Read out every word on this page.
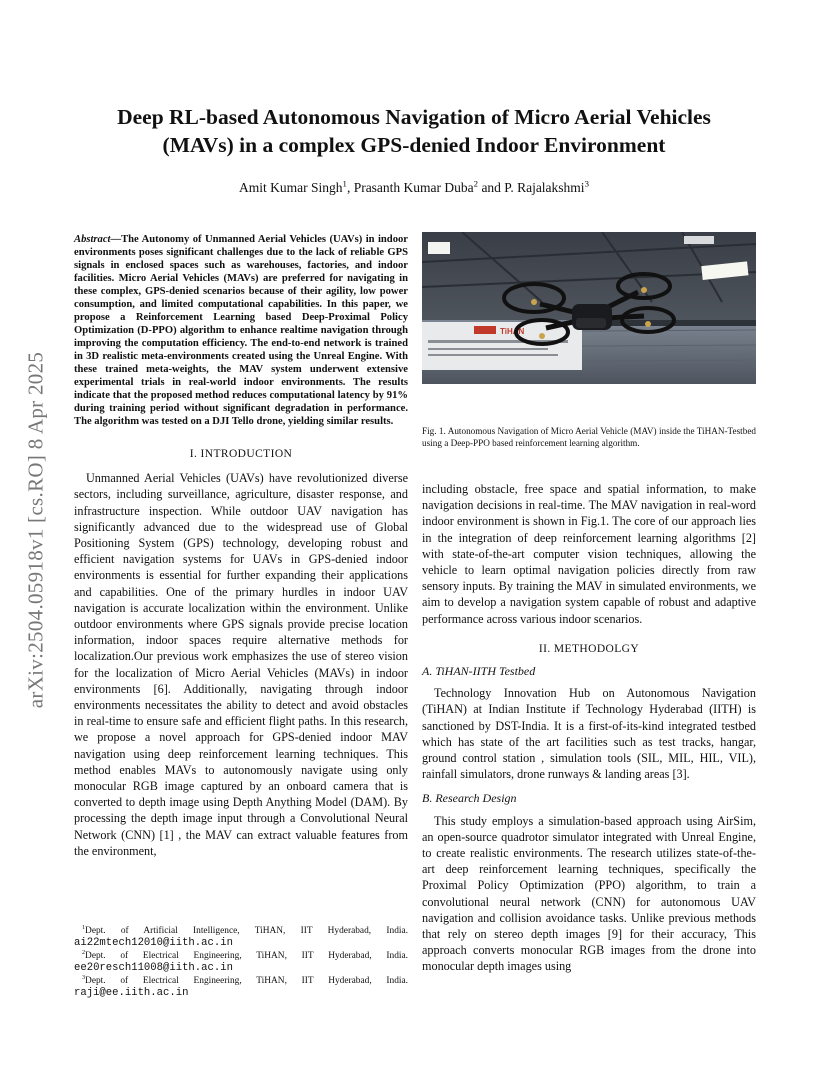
arXiv:2504.05918v1 [cs.RO] 8 Apr 2025
Deep RL-based Autonomous Navigation of Micro Aerial Vehicles
(MAVs) in a complex GPS-denied Indoor Environment
Amit Kumar Singh$^1$, Prasanth Kumar Duba$^2$ and P. Rajalakshmi$^3$

Abstract—The Autonomy of Unmanned Aerial Vehicles (UAVs) in indoor environments poses significant challenges due to the lack of reliable GPS signals in enclosed spaces such as warehouses, factories, and indoor facilities. Micro Aerial Vehicles (MAVs) are preferred for navigating in these complex, GPS-denied scenarios because of their agility, low power consumption, and limited computational capabilities. In this paper, we propose a Reinforcement Learning based Deep-Proximal Policy Optimization (D-PPO) algorithm to enhance realtime navigation through improving the computation efficiency. The end-to-end network is trained in 3D realistic meta-environments created using the Unreal Engine. With these trained meta-weights, the MAV system underwent extensive experimental trials in real-world indoor environments. The results indicate that the proposed method reduces computational latency by 91% during training period without significant degradation in performance. The algorithm was tested on a DJI Tello drone, yielding similar results.

I. INTRODUCTION

Unmanned Aerial Vehicles (UAVs) have revolutionized diverse sectors, including surveillance, agriculture, disaster response, and infrastructure inspection. While outdoor UAV navigation has significantly advanced due to the widespread use of Global Positioning System (GPS) technology, developing robust and efficient navigation systems for UAVs in GPS-denied indoor environments is essential for further expanding their applications and capabilities. One of the primary hurdles in indoor UAV navigation is accurate localization within the environment. Unlike outdoor environments where GPS signals provide precise location information, indoor spaces require alternative methods for localization.Our previous work emphasizes the use of stereo vision for the localization of Micro Aerial Vehicles (MAVs) in indoor environments [6]. Additionally, navigating through indoor environments necessitates the ability to detect and avoid obstacles in real-time to ensure safe and efficient flight paths. In this research, we propose a novel approach for GPS-denied indoor MAV navigation using deep reinforcement learning techniques. This method enables MAVs to autonomously navigate using only monocular RGB image captured by an onboard camera that is converted to depth image using Depth Anything Model (DAM). By processing the depth image input through a Convolutional Neural Network (CNN) [1] , the MAV can extract valuable features from the environment,

TiHAN
Fig. 1. Autonomous Navigation of Micro Aerial Vehicle (MAV) inside the TiHAN-Testbed using a Deep-PPO based reinforcement learning algorithm.

including obstacle, free space and spatial information, to make navigation decisions in real-time. The MAV navigation in real-word indoor environment is shown in Fig.1. The core of our approach lies in the integration of deep reinforcement learning algorithms [2] with state-of-the-art computer vision techniques, allowing the vehicle to learn optimal navigation policies directly from raw sensory inputs. By training the MAV in simulated environments, we aim to develop a navigation system capable of robust and adaptive performance across various indoor scenarios.

II. METHODOLGY

A. TiHAN-IITH Testbed

Technology Innovation Hub on Autonomous Navigation (TiHAN) at Indian Institute if Technology Hyderabad (IITH) is sanctioned by DST-India. It is a first-of-its-kind integrated testbed which has state of the art facilities such as test tracks, hangar, ground control station , simulation tools (SIL, MIL, HIL, VIL), rainfall simulators, drone runways & landing areas [3].

B. Research Design

This study employs a simulation-based approach using AirSim, an open-source quadrotor simulator integrated with Unreal Engine, to create realistic environments. The research utilizes state-of-the-art deep reinforcement learning techniques, specifically the Proximal Policy Optimization (PPO) algorithm, to train a convolutional neural network (CNN) for autonomous UAV navigation and collision avoidance tasks. Unlike previous methods that rely on stereo depth images [9] for their accuracy, This approach converts monocular RGB images from the drone into monocular depth images using

$^1$Dept. of Artificial Intelligence, TiHAN, IIT Hyderabad, India. ai22mtech12010@iith.ac.in

$^2$Dept. of Electrical Engineering, TiHAN, IIT Hyderabad, India. ee20resch11008@iith.ac.in

$^3$Dept. of Electrical Engineering, TiHAN, IIT Hyderabad, India. raji@ee.iith.ac.in
